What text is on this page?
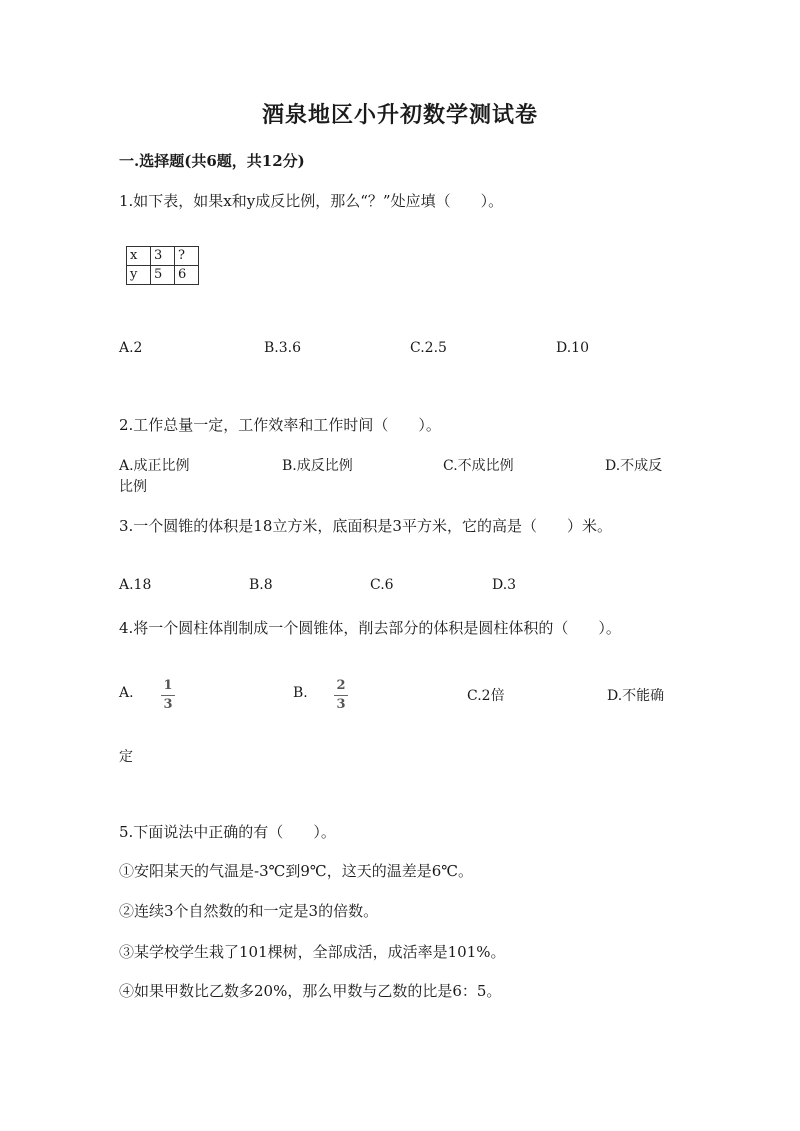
酒泉地区小升初数学测试卷
一.选择题(共6题，共12分)
1.如下表，如果x和y成反比例，那么“？”处应填（　　）。
x	3	?
y	5	6
A.2	B.3.6	C.2.5	D.10
2.工作总量一定，工作效率和工作时间（　　）。
A.成正比例	B.成反比例	C.不成比例	D.不成反
比例
3.一个圆锥的体积是18立方米，底面积是3平方米，它的高是（　　）米。
A.18	B.8	C.6	D.3
4.将一个圆柱体削制成一个圆锥体，削去部分的体积是圆柱体积的（　　）。
A. 1
3
B. 2
3
C.2倍	D.不能确
定
5.下面说法中正确的有（　　）。
①安阳某天的气温是-3℃到9℃，这天的温差是6℃。
②连续3个自然数的和一定是3的倍数。
③某学校学生栽了101棵树，全部成活，成活率是101%。
④如果甲数比乙数多20%，那么甲数与乙数的比是6：5。
